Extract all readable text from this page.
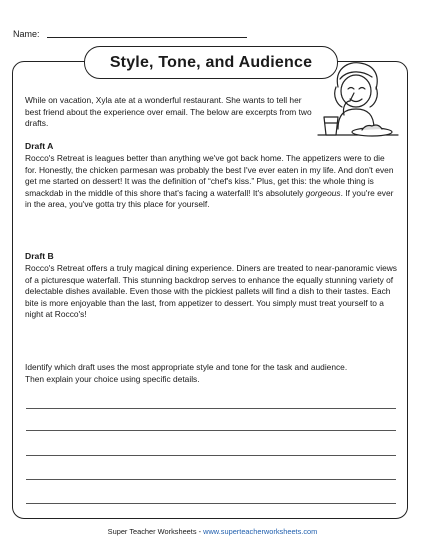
Name:
Style, Tone, and Audience
While on vacation, Xyla ate at a wonderful restaurant. She wants to tell her best friend about the experience over email. The below are excerpts from two drafts.
Draft A
Rocco's Retreat is leagues better than anything we've got back home. The appetizers were to die for. Honestly, the chicken parmesan was probably the best I've ever eaten in my life. And don't even get me started on dessert! It was the definition of “chef's kiss.” Plus, get this: the whole thing is smackdab in the middle of this shore that's facing a waterfall! It's absolutely gorgeous. If you're ever in the area, you've gotta try this place for yourself.
Draft B
Rocco's Retreat offers a truly magical dining experience. Diners are treated to near-panoramic views of a picturesque waterfall. This stunning backdrop serves to enhance the equally stunning variety of delectable dishes available. Even those with the pickiest pallets will find a dish to their tastes. Each bite is more enjoyable than the last, from appetizer to dessert. You simply must treat yourself to a night at Rocco's!
Identify which draft uses the most appropriate style and tone for the task and audience. Then explain your choice using specific details.
Super Teacher Worksheets - www.superteacherworksheets.com
